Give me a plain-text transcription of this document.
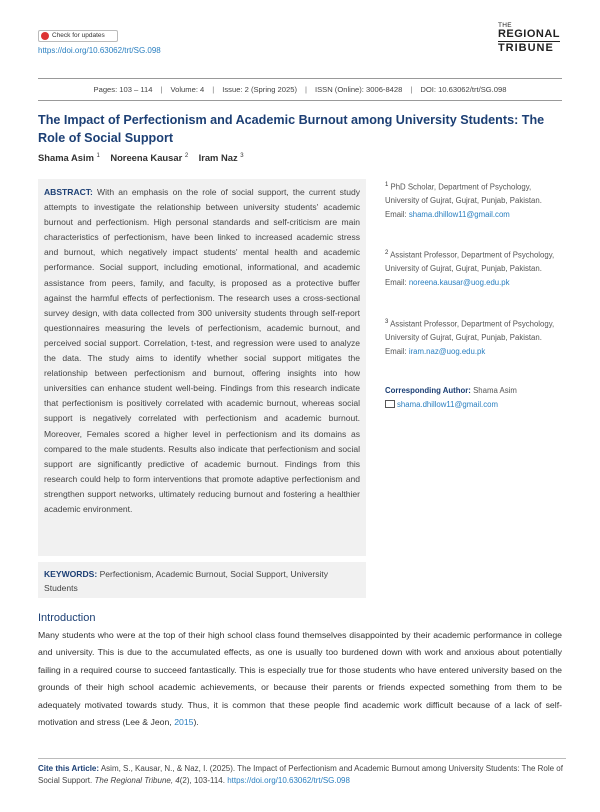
Check for updates
https://doi.org/10.63062/trt/SG.098
THE
REGIONAL
TRIBUNE
Pages: 103 – 114 | Volume: 4 | Issue: 2 (Spring 2025) | ISSN (Online): 3006-8428 | DOI: 10.63062/trt/SG.098
The Impact of Perfectionism and Academic Burnout among University Students: The Role of Social Support
Shama Asim $^1$ Noreena Kausar $^2$ Iram Naz $^3$
ABSTRACT: With an emphasis on the role of social support, the current study attempts to investigate the relationship between university students' academic burnout and perfectionism. High personal standards and self-criticism are main characteristics of perfectionism, have been linked to increased academic stress and burnout, which negatively impact students' mental health and academic performance. Social support, including emotional, informational, and academic assistance from peers, family, and faculty, is proposed as a protective buffer against the harmful effects of perfectionism. The research uses a cross-sectional survey design, with data collected from 300 university students through self-report questionnaires measuring the levels of perfectionism, academic burnout, and perceived social support. Correlation, t-test, and regression were used to analyze the data. The study aims to identify whether social support mitigates the relationship between perfectionism and burnout, offering insights into how universities can enhance student well-being. Findings from this research indicate that perfectionism is positively correlated with academic burnout, whereas social support is negatively correlated with perfectionism and academic burnout. Moreover, Females scored a higher level in perfectionism and its domains as compared to the male students. Results also indicate that perfectionism and social support are significantly predictive of academic burnout. Findings from this research could help to form interventions that promote adaptive perfectionism and strengthen support networks, ultimately reducing burnout and fostering a healthier academic environment.
KEYWORDS: Perfectionism, Academic Burnout, Social Support, University Students
$^1$ PhD Scholar, Department of Psychology, University of Gujrat, Gujrat, Punjab, Pakistan.
Email: shama.dhillow11@gmail.com
$^2$ Assistant Professor, Department of Psychology, University of Gujrat, Gujrat, Punjab, Pakistan.
Email: noreena.kausar@uog.edu.pk
$^3$ Assistant Professor, Department of Psychology, University of Gujrat, Gujrat, Punjab, Pakistan.
Email: iram.naz@uog.edu.pk
Corresponding Author: Shama Asim
shama.dhillow11@gmail.com
Introduction
Many students who were at the top of their high school class found themselves disappointed by their academic performance in college and university. This is due to the accumulated effects, as one is usually too burdened down with work and anxious about potentially failing in a required course to succeed fantastically. This is especially true for those students who have entered university based on the grounds of their high school academic achievements, or because their parents or friends expected something from them to be adequately motivated towards study. Thus, it is common that these people find academic work difficult because of a lack of self-motivation and stress (Lee & Jeon, 2015).
Cite this Article: Asim, S., Kausar, N., & Naz, I. (2025). The Impact of Perfectionism and Academic Burnout among University Students: The Role of Social Support. The Regional Tribune, 4(2), 103-114. https://doi.org/10.63062/trt/SG.098
